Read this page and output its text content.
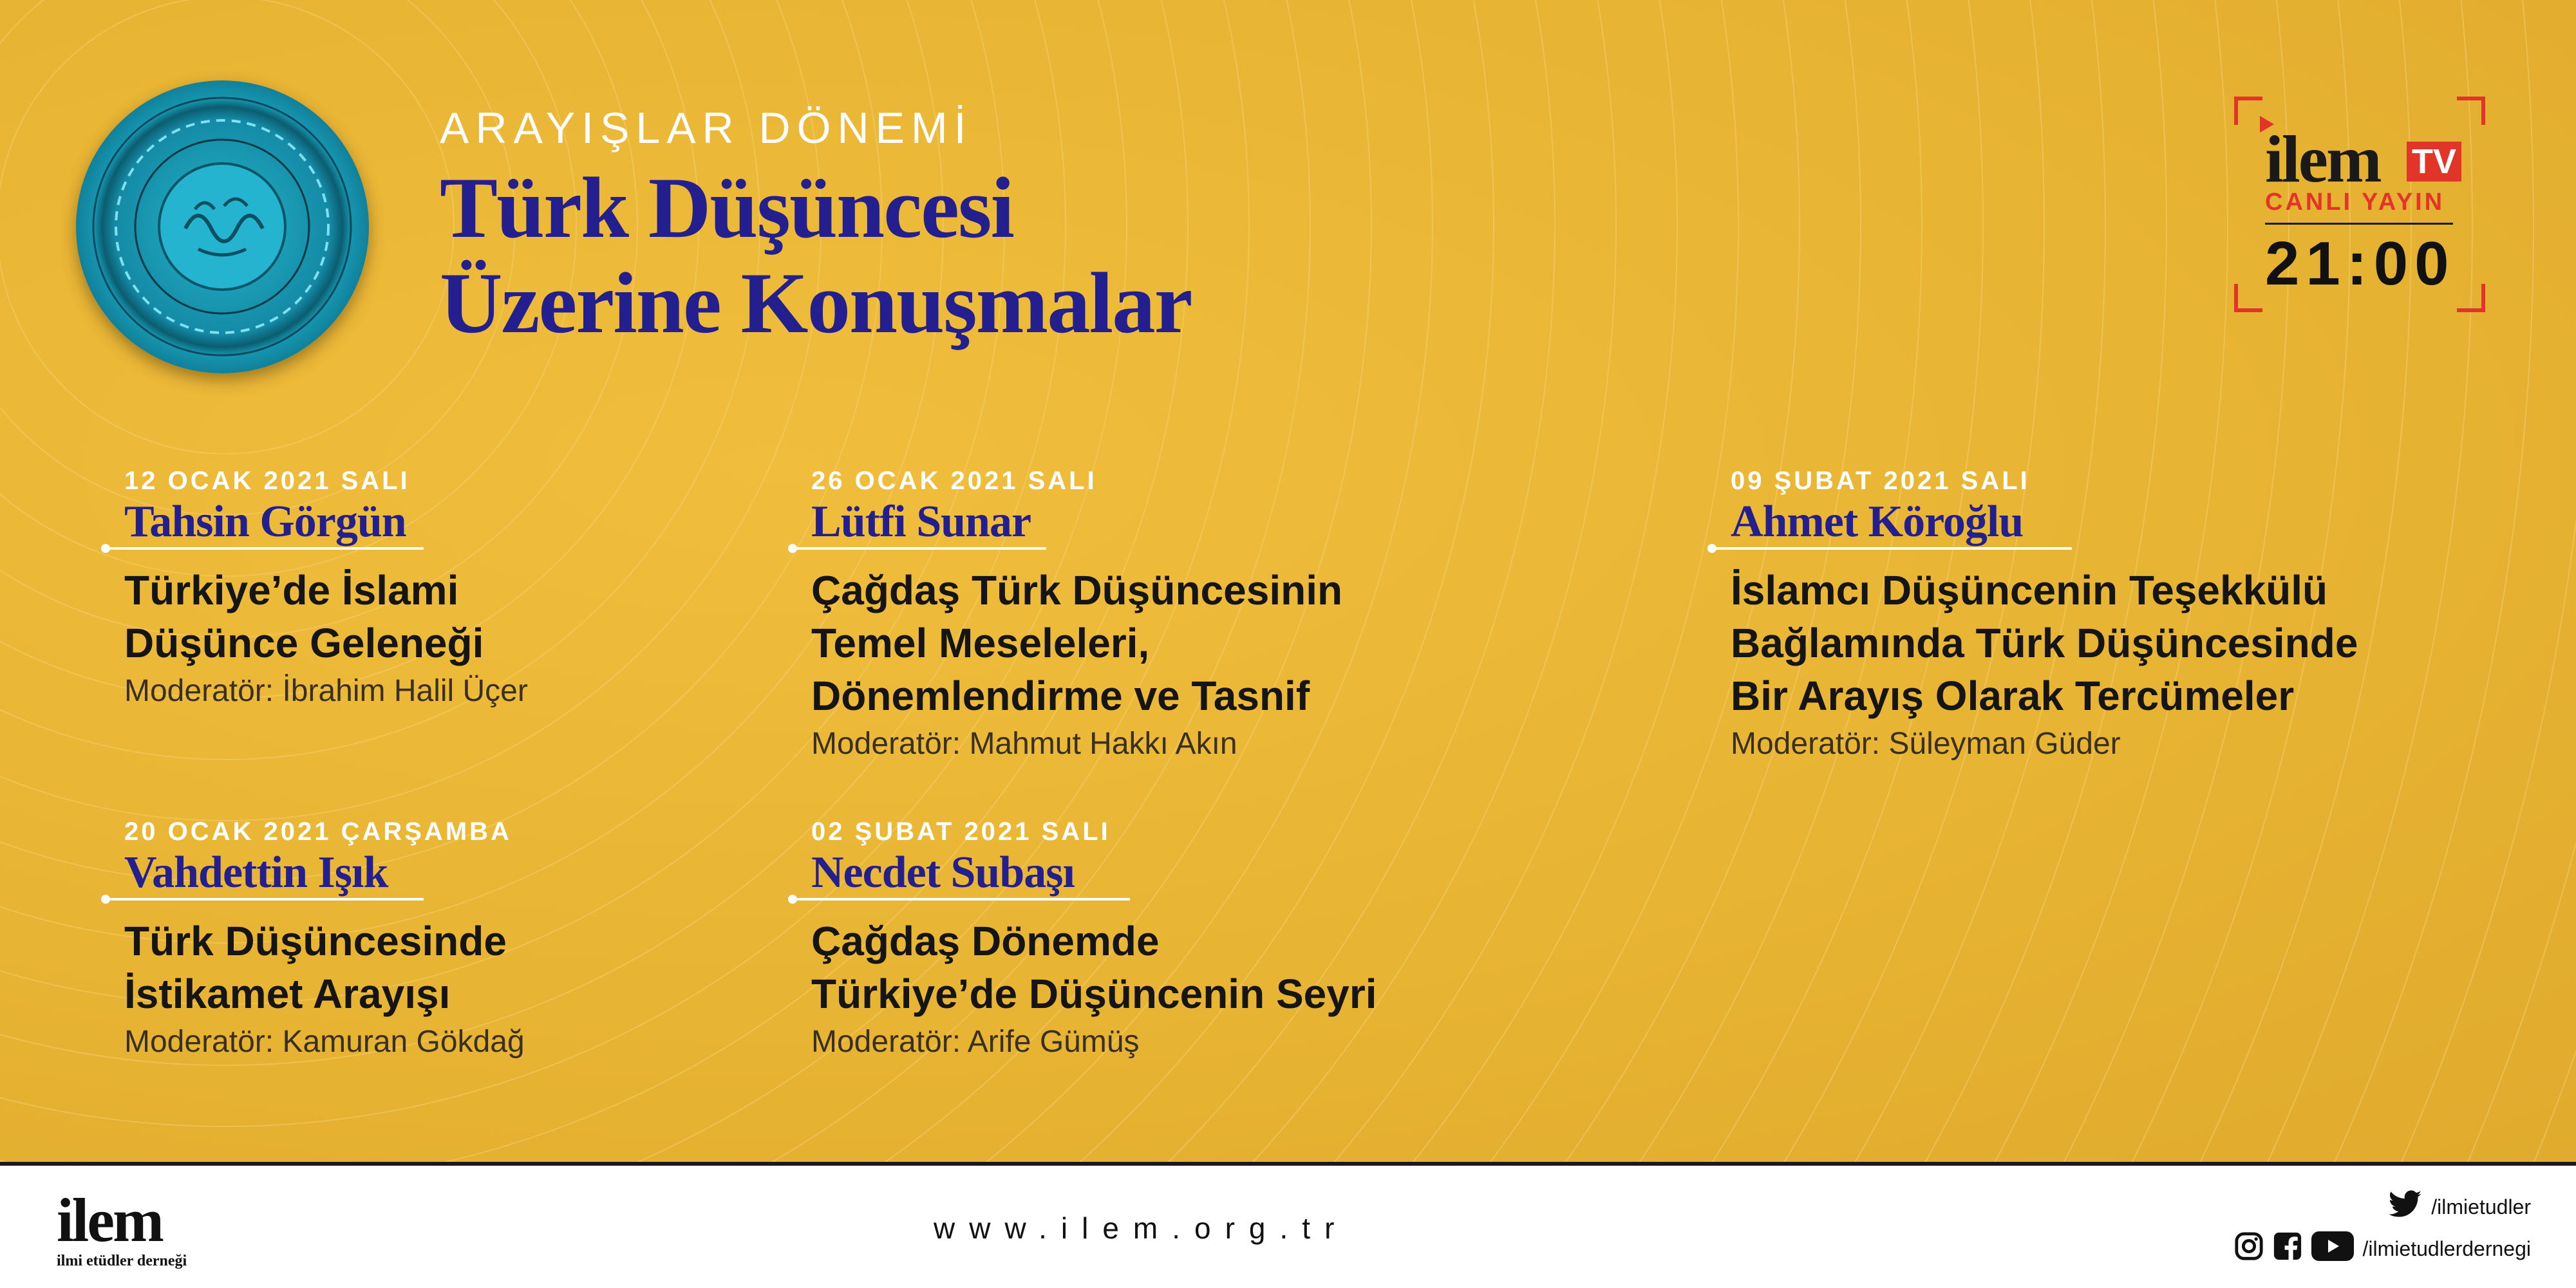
ARAYIŞLAR DÖNEMİ
Türk Düşüncesi
Üzerine Konuşmalar
ilem TV
CANLI YAYIN
21:00
12 OCAK 2021 SALI
Tahsin Görgün
Türkiye’de İslami
Düşünce Geleneği
Moderatör: İbrahim Halil Üçer
20 OCAK 2021 ÇARŞAMBA
Vahdettin Işık
Türk Düşüncesinde
İstikamet Arayışı
Moderatör: Kamuran Gökdağ
26 OCAK 2021 SALI
Lütfi Sunar
Çağdaş Türk Düşüncesinin
Temel Meseleleri,
Dönemlendirme ve Tasnif
Moderatör: Mahmut Hakkı Akın
02 ŞUBAT 2021 SALI
Necdet Subaşı
Çağdaş Dönemde
Türkiye’de Düşüncenin Seyri
Moderatör: Arife Gümüş
09 ŞUBAT 2021 SALI
Ahmet Köroğlu
İslamcı Düşüncenin Teşekkülü
Bağlamında Türk Düşüncesinde
Bir Arayış Olarak Tercümeler
Moderatör: Süleyman Güder
ilem
ilmi etüdler derneği
www.ilem.org.tr
/ilmietudler
/ilmietudlerdernegi
